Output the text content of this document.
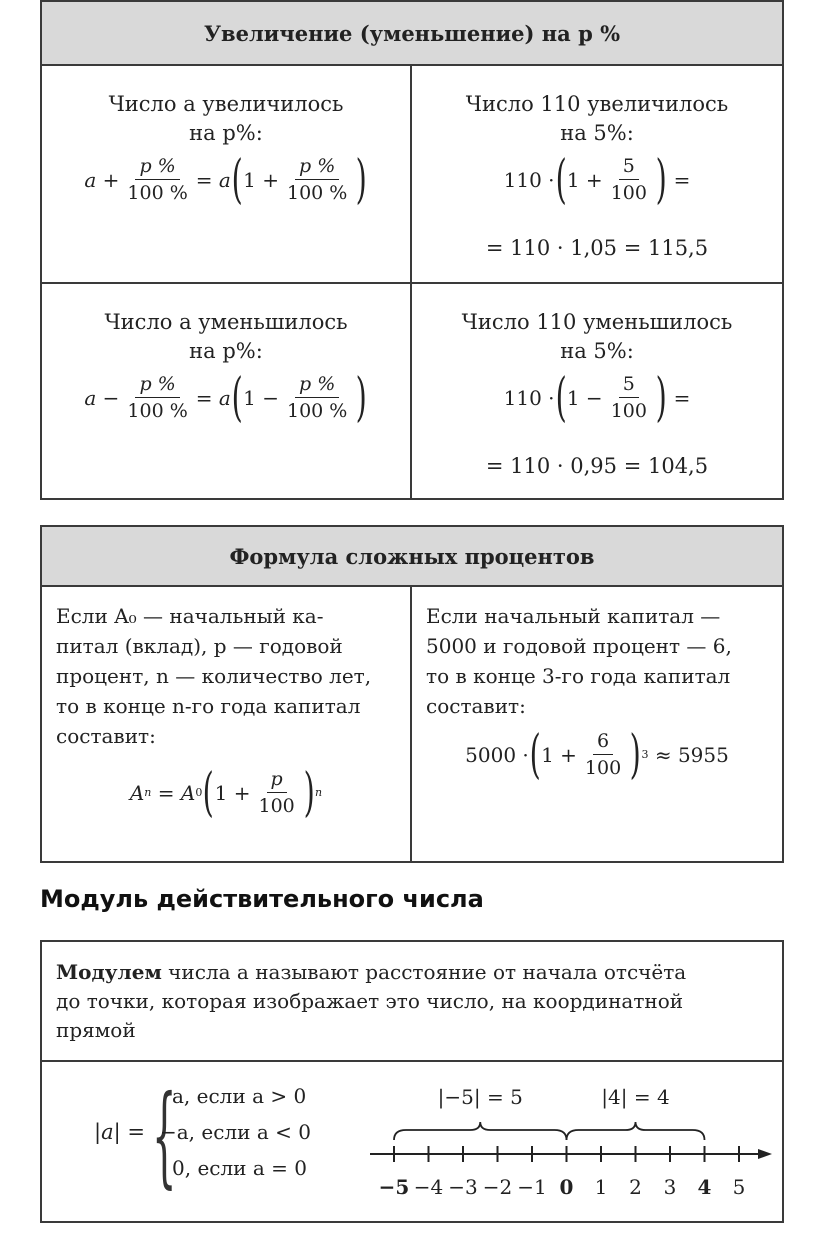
Увеличение (уменьшение) на p %
Число a увеличилось
на p%:
a
+ $\frac{p \%}{100 \%}$ =
a ( 1
+ $\frac{p \%}{100 \%}$ )
Число 110 увеличилось
на 5%:
110
· ( 1
+ $\frac{5}{100}$ )
=
= 110 · 1,05 = 115,5
Число a уменьшилось
на p%:
a
− $\frac{p \%}{100 \%}$ =
a ( 1
− $\frac{p \%}{100 \%}$ )
Число 110 уменьшилось
на 5%:
110
· ( 1
− $\frac{5}{100}$ )
=
= 110 · 0,95 = 104,5
Формула сложных процентов
Если A₀ — начальный ка-
питал (вклад), p — годовой
процент, n — количество лет,
то в конце n-го года капитал
составит:
A n = A 0 ( $1 + \frac{p}{100}$ ) n
Если начальный капитал —
5000 и годовой процент — 6,
то в конце 3-го года капитал
составит:
5000 · ( $1 + \frac{6}{100}$ ) 3
≈ 5955
Модуль действительного числа
Модулем числа a называют расстояние от начала отсчёта
до точки, которая изображает это число, на координатной
прямой
|a| = {
a, если a > 0
−a, если a < 0
0, если a = 0
−5 −4 −3 −2 −1 0 1 2 3 4 5
|−5| = 5	|4| = 4
